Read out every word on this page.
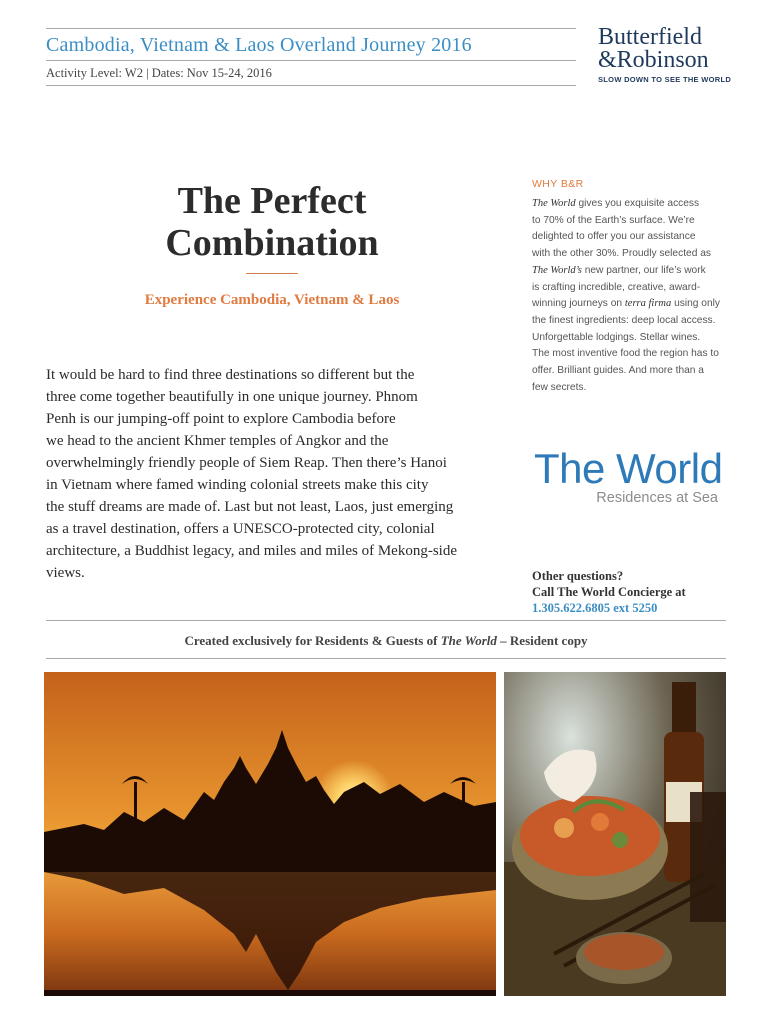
Cambodia, Vietnam & Laos Overland Journey 2016
Activity Level: W2 | Dates: Nov 15-24, 2016
Butterfield
&Robinson
SLOW DOWN TO SEE THE WORLD
The Perfect
Combination
Experience Cambodia, Vietnam & Laos
It would be hard to find three destinations so different but the
three come together beautifully in one unique journey. Phnom
Penh is our jumping-off point to explore Cambodia before
we head to the ancient Khmer temples of Angkor and the
overwhelmingly friendly people of Siem Reap. Then there’s Hanoi
in Vietnam where famed winding colonial streets make this city
the stuff dreams are made of. Last but not least, Laos, just emerging
as a travel destination, offers a UNESCO-protected city, colonial
architecture, a Buddhist legacy, and miles and miles of Mekong-side
views.
WHY B&R
The World gives you exquisite access
to 70% of the Earth’s surface. We’re
delighted to offer you our assistance
with the other 30%. Proudly selected as
The World’s new partner, our life’s work
is crafting incredible, creative, award-
winning journeys on terra firma using only
the finest ingredients: deep local access.
Unforgettable lodgings. Stellar wines.
The most inventive food the region has to
offer. Brilliant guides. And more than a
few secrets.
The World
Residences at Sea
Other questions?
Call The World Concierge at
1.305.622.6805 ext 5250
Created exclusively for Residents & Guests of The World – Resident copy
